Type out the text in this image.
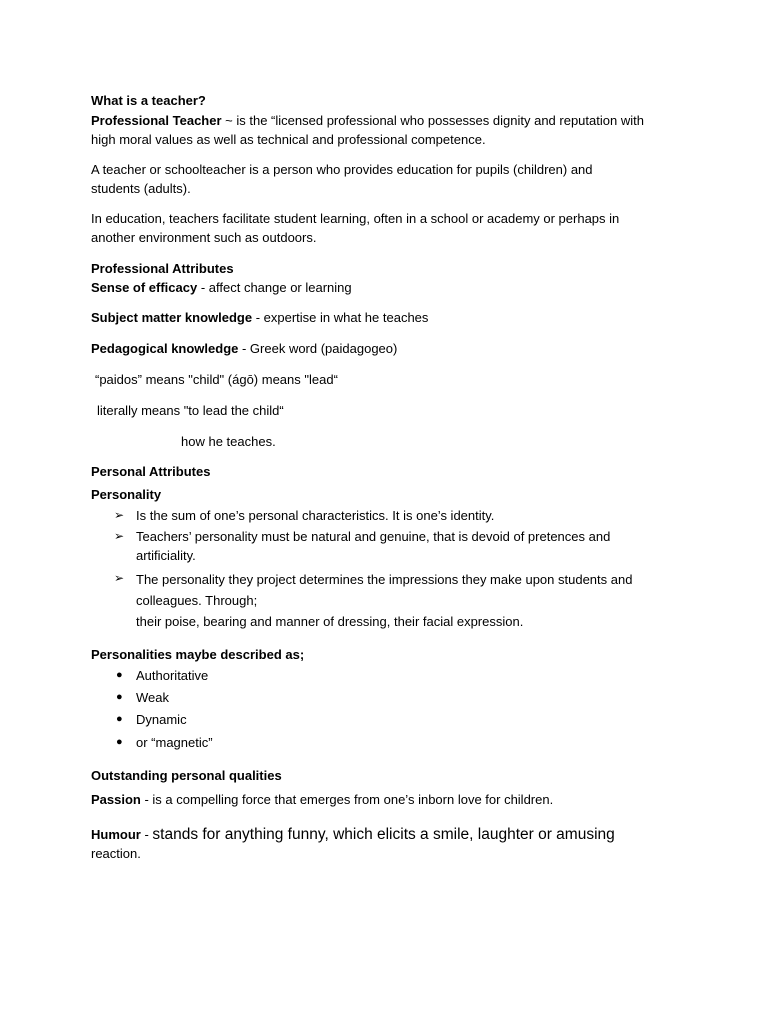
What is a teacher?

Professional Teacher ~ is the “licensed professional who possesses dignity and reputation with
high moral values as well as technical and professional competence.

A teacher or schoolteacher is a person who provides education for pupils (children) and
students (adults).

In education, teachers facilitate student learning, often in a school or academy or perhaps in
another environment such as outdoors.

Professional Attributes

Sense of efficacy - affect change or learning

Subject matter knowledge - expertise in what he teaches

Pedagogical knowledge - Greek word (paidagogeo)

“paidos” means "child" (ágō) means "lead“

literally means "to lead the child“

how he teaches.

Personal Attributes

Personality

➢ Is the sum of one’s personal characteristics. It is one’s identity.

➢ Teachers’ personality must be natural and genuine, that is devoid of pretences and
artificiality.

➢ The personality they project determines the impressions they make upon students and
colleagues. Through;
their poise, bearing and manner of dressing, their facial expression.

Personalities maybe described as;

● Authoritative

● Weak

● Dynamic

● or “magnetic”

Outstanding personal qualities

Passion - is a compelling force that emerges from one’s inborn love for children.

Humour - stands for anything funny, which elicits a smile, laughter or amusing
reaction.
